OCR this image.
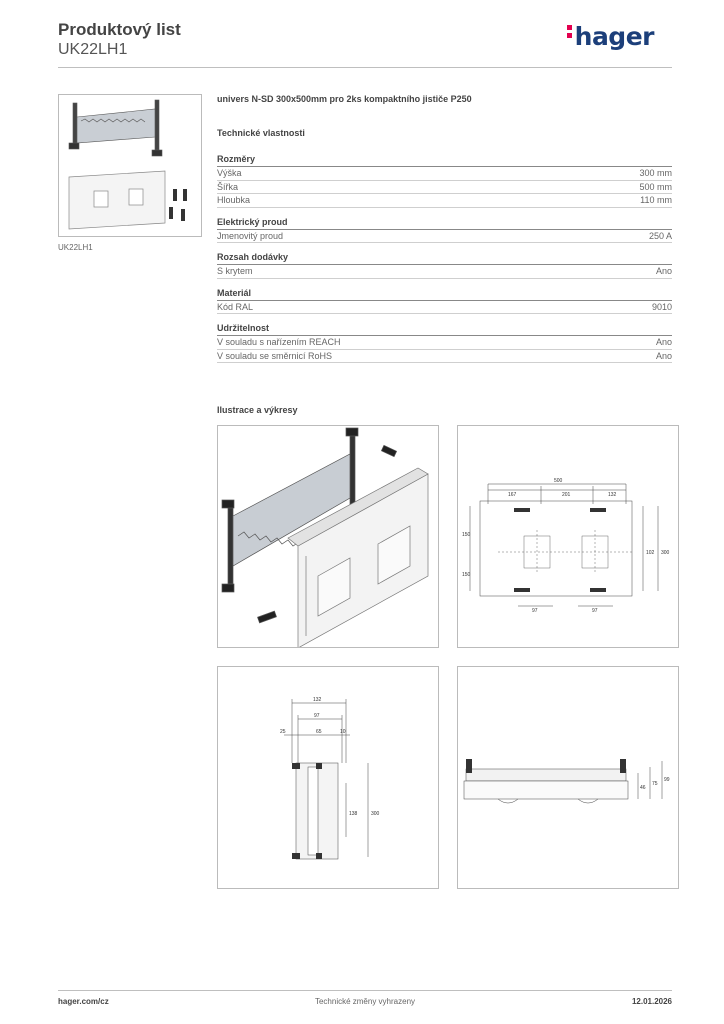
Produktový list
UK22LH1	hager
UK22LH1
univers N-SD 300x500mm pro 2ks kompaktního jističe P250
Technické vlastnosti
Rozměry
Výška	300 mm
Šířka	500 mm
Hloubka	110 mm
Elektrický proud
Jmenovitý proud	250 A
Rozsah dodávky
S krytem	Ano
Materiál
Kód RAL	9010
Udržitelnost
V souladu s nařízením REACH	Ano
V souladu se směrnicí RoHS	Ano
Ilustrace a výkresy
500
167	201	132
150
150
102 300
97	97
132
97
25	65	10
138	300
46
75
99
hager.com/cz	Technické změny vyhrazeny	12.01.2026
